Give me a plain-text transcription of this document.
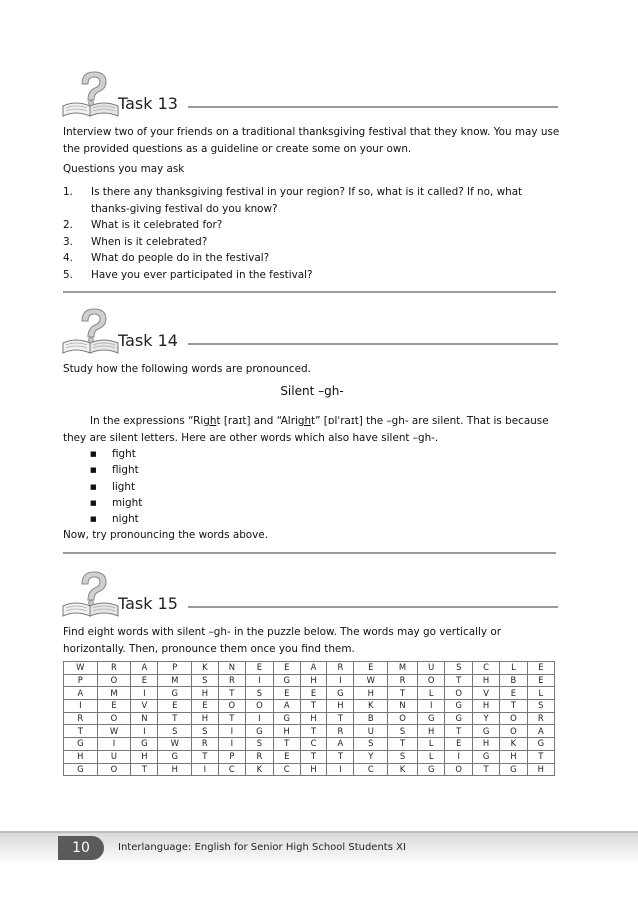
Task 13
Interview two of your friends on a traditional thanksgiving festival that they know. You may use the provided questions as a guideline or create some on your own.
Questions you may ask
1.	Is there any thanksgiving festival in your region? If so, what is it called? If no, what thanks-giving festival do you know?
2.	What is it celebrated for?
3.	When is it celebrated?
4.	What do people do in the festival?
5.	Have you ever participated in the festival?
Task 14
Study how the following words are pronounced.
Silent –gh-
In the expressions “Right [raɪt] and “Alright” [ɒlˈraɪt] the –gh- are silent. That is because they are silent letters. Here are other words which also have silent –gh-.
■	fight
■	flight
■	light
■	might
■	night
Now, try pronouncing the words above.
Task 15
Find eight words with silent –gh- in the puzzle below. The words may go vertically or horizontally. Then, pronounce them once you find them.
W	R	A	P	K	N	E	E	A	R	E	M	U	S	C	L	E
P	O	E	M	S	R	I	G	H	I	W	R	O	T	H	B	E
A	M	I	G	H	T	S	E	E	G	H	T	L	O	V	E	L
I	E	V	E	E	O	O	A	T	H	K	N	I	G	H	T	S
R	O	N	T	H	T	I	G	H	T	B	O	G	G	Y	O	R
T	W	I	S	S	I	G	H	T	R	U	S	H	T	G	O	A
G	I	G	W	R	I	S	T	C	A	S	T	L	E	H	K	G
H	U	H	G	T	P	R	E	T	T	Y	S	L	I	G	H	T
G	O	T	H	I	C	K	C	H	I	C	K	G	O	T	G	H
10	Interlanguage: English for Senior High School Students XI
